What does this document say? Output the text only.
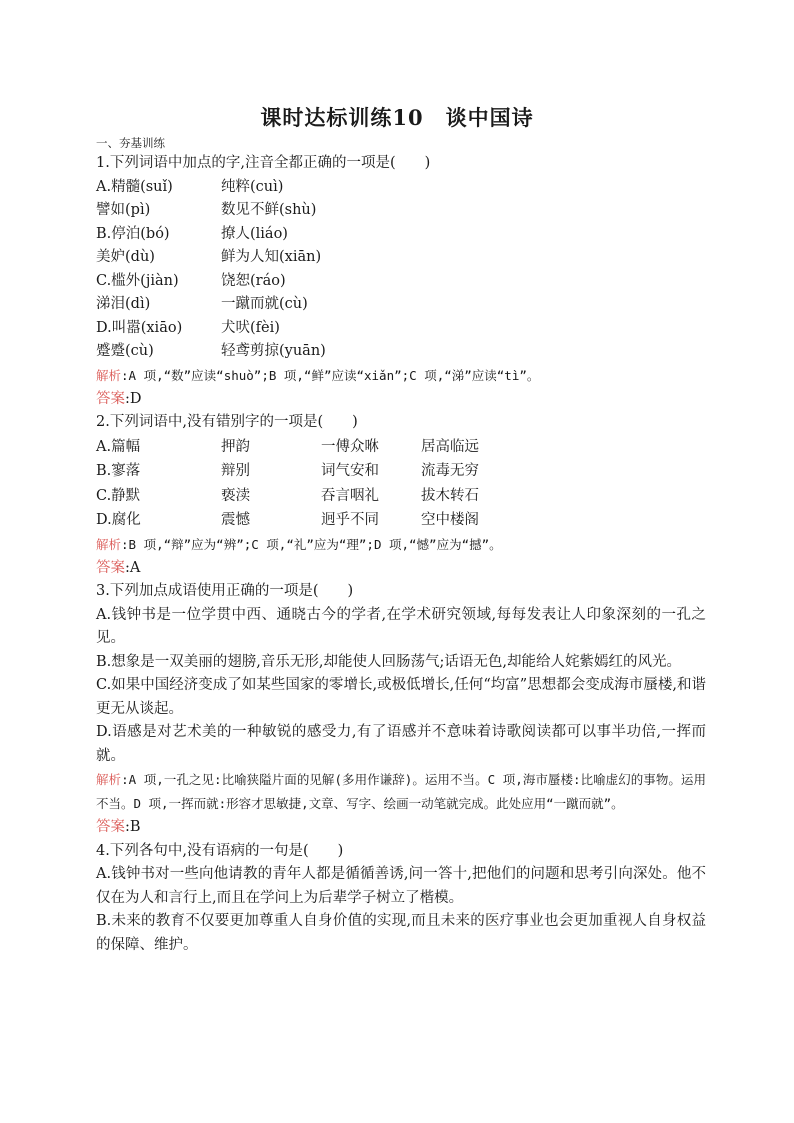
课时达标训练10　谈中国诗
一、夯基训练
1.下列词语中加点的字,注音全都正确的一项是(　　)
A.精髓(suǐ)	纯粹(cuì)
譬如(pì)	数见不鲜(shù)
B.停泊(bó)	撩人(liáo)
美妒(dù)	鲜为人知(xiān)
C.槛外(jiàn)	饶恕(ráo)
涕泪(dì)	一蹴而就(cù)
D.叫嚣(xiāo)	犬吠(fèi)
蹙蹙(cù)	轻鸢剪掠(yuān)
解析:A 项,“数”应读“shuò”;B 项,“鲜”应读“xiǎn”;C 项,“涕”应读“tì”。
答案:D
2.下列词语中,没有错别字的一项是(　　)
A.篇幅	押韵	一傅众咻	居高临远
B.寥落	辩别	词气安和	流毒无穷
C.静默	亵渎	吞言咽礼	拔木转石
D.腐化	震憾	迥乎不同	空中楼阁
解析:B 项,“辩”应为“辨”;C 项,“礼”应为“理”;D 项,“憾”应为“撼”。
答案:A
3.下列加点成语使用正确的一项是(　　)
A.钱钟书是一位学贯中西、通晓古今的学者,在学术研究领域,每每发表让人印象深刻的一孔之见。
B.想象是一双美丽的翅膀,音乐无形,却能使人回肠荡气;话语无色,却能给人姹紫嫣红的风光。
C.如果中国经济变成了如某些国家的零增长,或极低增长,任何“均富”思想都会变成海市蜃楼,和谐更无从谈起。
D.语感是对艺术美的一种敏锐的感受力,有了语感并不意味着诗歌阅读都可以事半功倍,一挥而就。
解析:A 项,一孔之见:比喻狭隘片面的见解(多用作谦辞)。运用不当。C 项,海市蜃楼:比喻虚幻的事物。运用不当。D 项,一挥而就:形容才思敏捷,文章、写字、绘画一动笔就完成。此处应用“一蹴而就”。
答案:B
4.下列各句中,没有语病的一句是(　　)
A.钱钟书对一些向他请教的青年人都是循循善诱,问一答十,把他们的问题和思考引向深处。他不仅在为人和言行上,而且在学问上为后辈学子树立了楷模。
B.未来的教育不仅要更加尊重人自身价值的实现,而且未来的医疗事业也会更加重视人自身权益的保障、维护。
